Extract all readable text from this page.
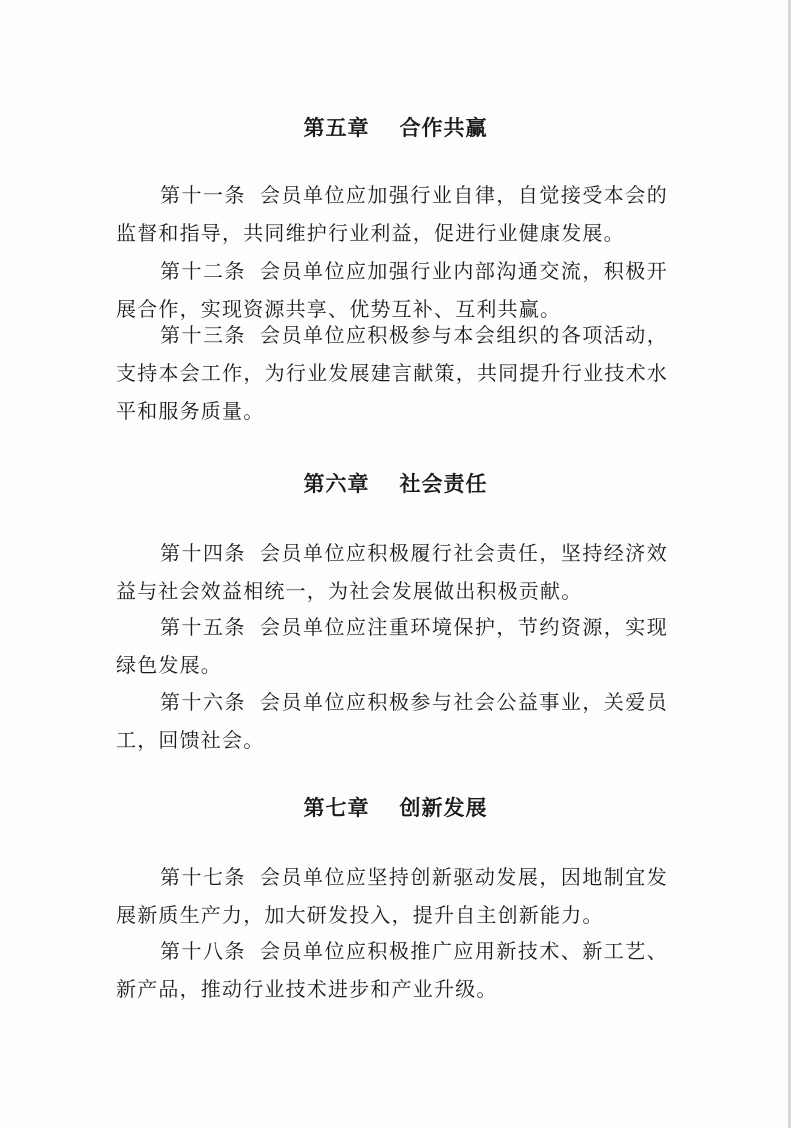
第五章 合作共赢

第十一条 会员单位应加强行业自律，自觉接受本会的监督和指导，共同维护行业利益，促进行业健康发展。

第十二条 会员单位应加强行业内部沟通交流，积极开展合作，实现资源共享、优势互补、互利共赢。

第十三条 会员单位应积极参与本会组织的各项活动，支持本会工作，为行业发展建言献策，共同提升行业技术水平和服务质量。

第六章 社会责任

第十四条 会员单位应积极履行社会责任，坚持经济效益与社会效益相统一，为社会发展做出积极贡献。

第十五条 会员单位应注重环境保护，节约资源，实现绿色发展。

第十六条 会员单位应积极参与社会公益事业，关爱员工，回馈社会。

第七章 创新发展

第十七条 会员单位应坚持创新驱动发展，因地制宜发展新质生产力，加大研发投入，提升自主创新能力。

第十八条 会员单位应积极推广应用新技术、新工艺、新产品，推动行业技术进步和产业升级。
